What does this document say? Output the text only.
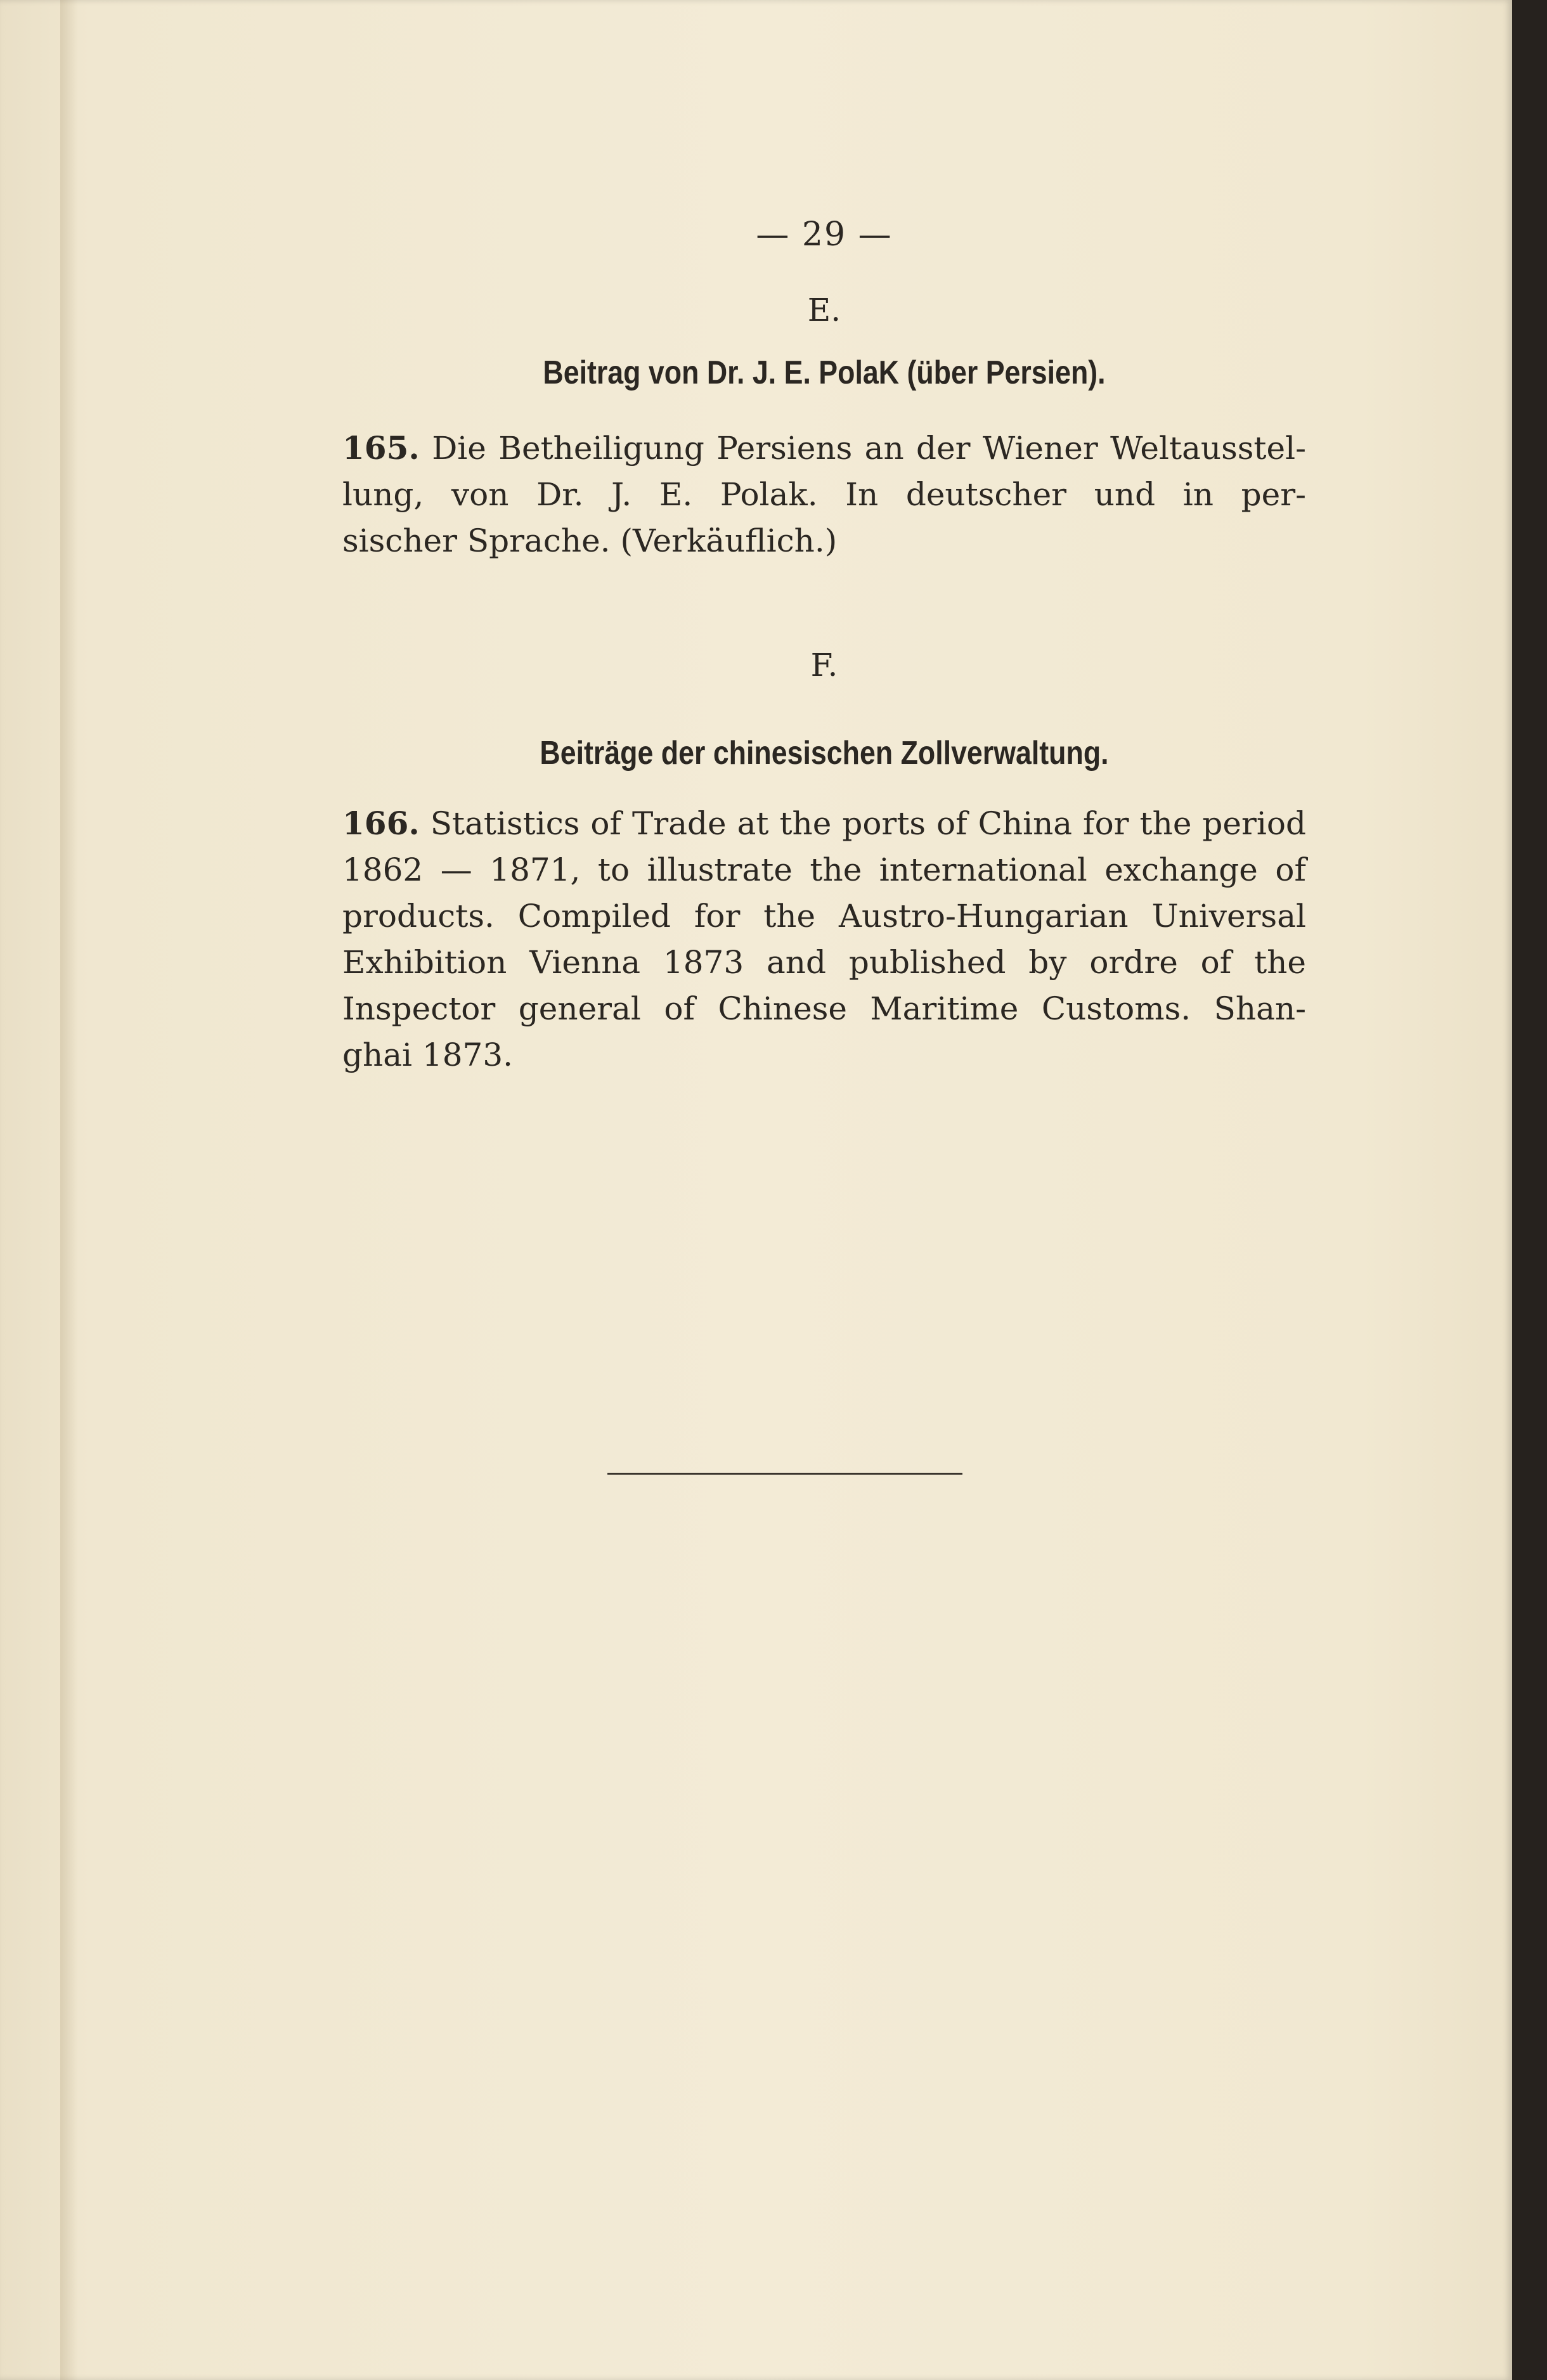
— 29 —
E.
Beitrag von Dr. J. E. PolaK (über Persien).
165. Die Betheiligung Persiens an der Wiener Weltausstel-
lung, von Dr. J. E. Polak. In deutscher und in per-
sischer Sprache. (Verkäuflich.)
F.
Beiträge der chinesischen Zollverwaltung.
166. Statistics of Trade at the ports of China for the period
1862 — 1871, to illustrate the international exchange of
products. Compiled for the Austro-Hungarian Universal
Exhibition Vienna 1873 and published by ordre of the
Inspector general of Chinese Maritime Customs. Shan-
ghai 1873.
